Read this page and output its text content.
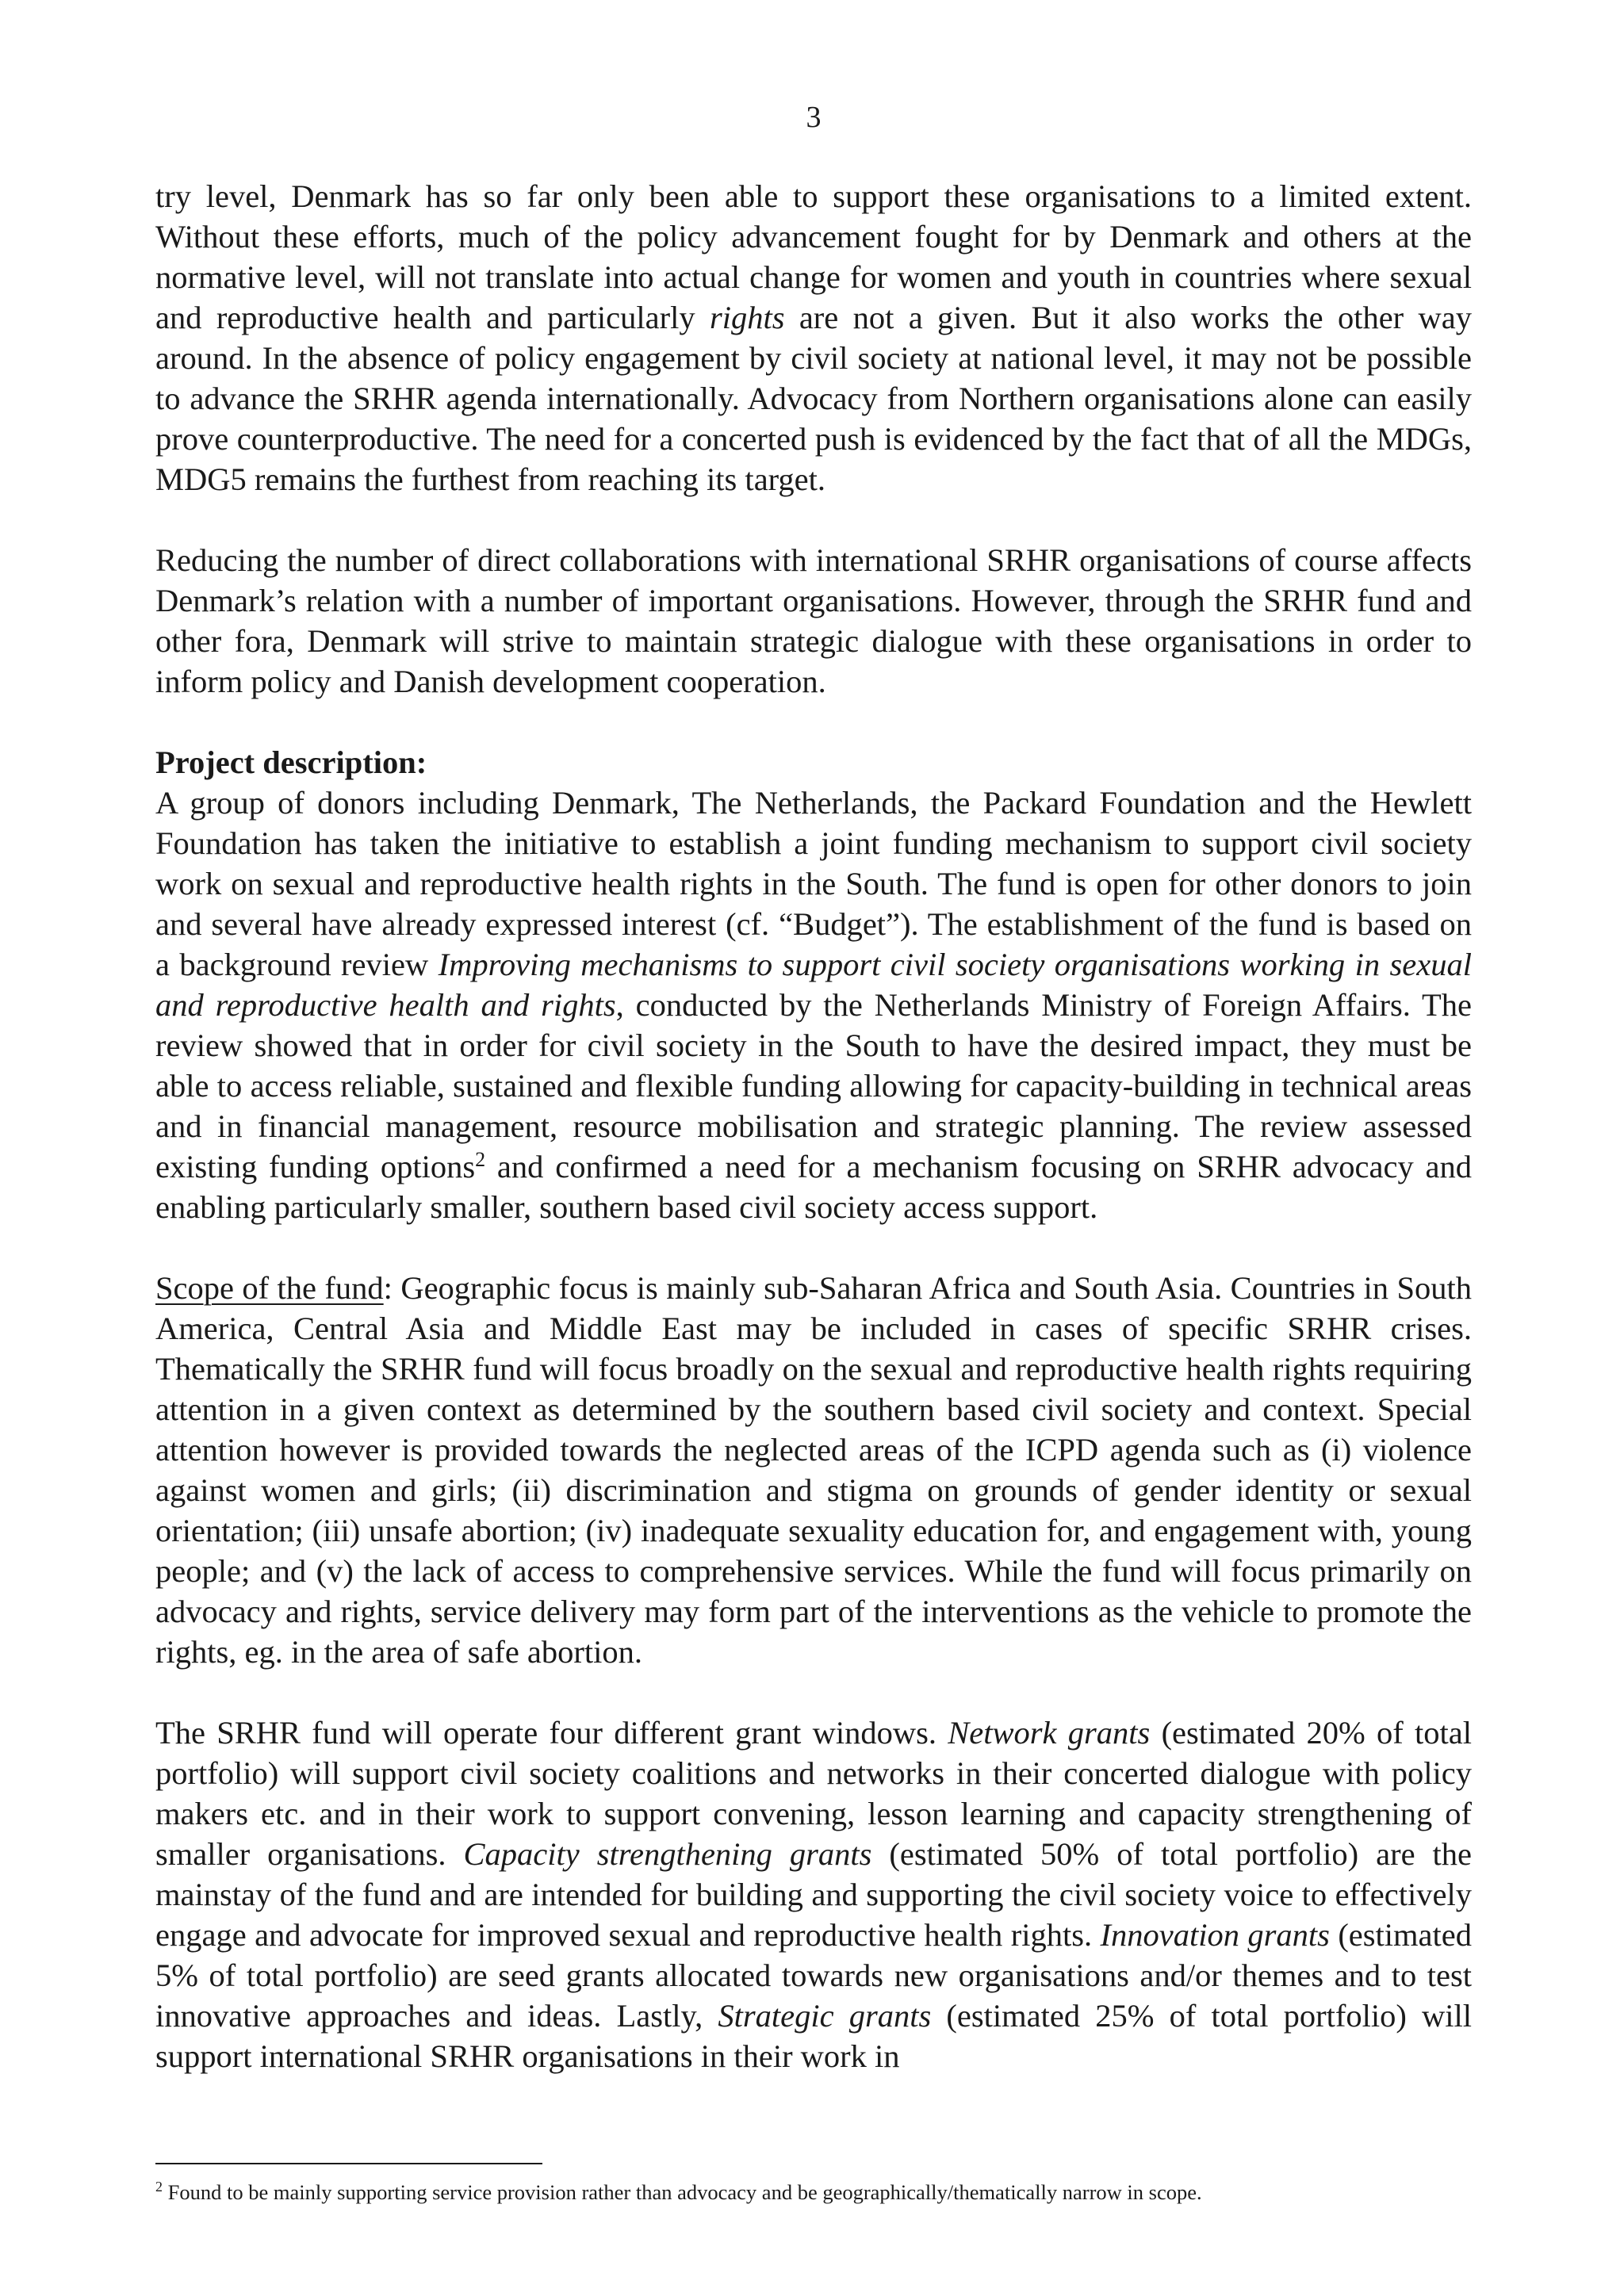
3

try level, Denmark has so far only been able to support these organisations to a limited extent. Without these efforts, much of the policy advancement fought for by Denmark and others at the normative level, will not translate into actual change for women and youth in countries where sexual and reproductive health and particularly rights are not a given. But it also works the other way around. In the absence of policy engagement by civil society at national level, it may not be possible to advance the SRHR agenda internationally. Advocacy from Northern organisations alone can easily prove counterproductive. The need for a concerted push is evidenced by the fact that of all the MDGs, MDG5 remains the furthest from reaching its target.

Reducing the number of direct collaborations with international SRHR organisations of course affects Denmark’s relation with a number of important organisations. However, through the SRHR fund and other fora, Denmark will strive to maintain strategic dialogue with these organisations in order to inform policy and Danish development cooperation.

Project description:

A group of donors including Denmark, The Netherlands, the Packard Foundation and the Hewlett Foundation has taken the initiative to establish a joint funding mechanism to support civil society work on sexual and reproductive health rights in the South. The fund is open for other donors to join and several have already expressed interest (cf. “Budget”). The establishment of the fund is based on a background review Improving mechanisms to support civil society organisations working in sexual and reproductive health and rights, conducted by the Netherlands Ministry of Foreign Affairs. The review showed that in order for civil society in the South to have the desired impact, they must be able to access reliable, sustained and flexible funding allowing for capacity-building in technical areas and in financial management, resource mobilisation and strategic planning. The review assessed existing funding options$^2$ and confirmed a need for a mechanism focusing on SRHR advocacy and enabling particularly smaller, southern based civil society access support.

Scope of the fund: Geographic focus is mainly sub-Saharan Africa and South Asia. Countries in South America, Central Asia and Middle East may be included in cases of specific SRHR crises. Thematically the SRHR fund will focus broadly on the sexual and reproductive health rights requiring attention in a given context as determined by the southern based civil society and context. Special attention however is provided towards the neglected areas of the ICPD agenda such as (i) violence against women and girls; (ii) discrimination and stigma on grounds of gender identity or sexual orientation; (iii) unsafe abortion; (iv) inadequate sexuality education for, and engagement with, young people; and (v) the lack of access to comprehensive services. While the fund will focus primarily on advocacy and rights, service delivery may form part of the interventions as the vehicle to promote the rights, eg. in the area of safe abortion.

The SRHR fund will operate four different grant windows. Network grants (estimated 20% of total portfolio) will support civil society coalitions and networks in their concerted dialogue with policy makers etc. and in their work to support convening, lesson learning and capacity strengthening of smaller organisations. Capacity strengthening grants (estimated 50% of total portfolio) are the mainstay of the fund and are intended for building and supporting the civil society voice to effectively engage and advocate for improved sexual and reproductive health rights. Innovation grants (estimated 5% of total portfolio) are seed grants allocated towards new organisations and/or themes and to test innovative approaches and ideas. Lastly, Strategic grants (estimated 25% of total portfolio) will support international SRHR organisations in their work in

$^2$ Found to be mainly supporting service provision rather than advocacy and be geographically/thematically narrow in scope.
